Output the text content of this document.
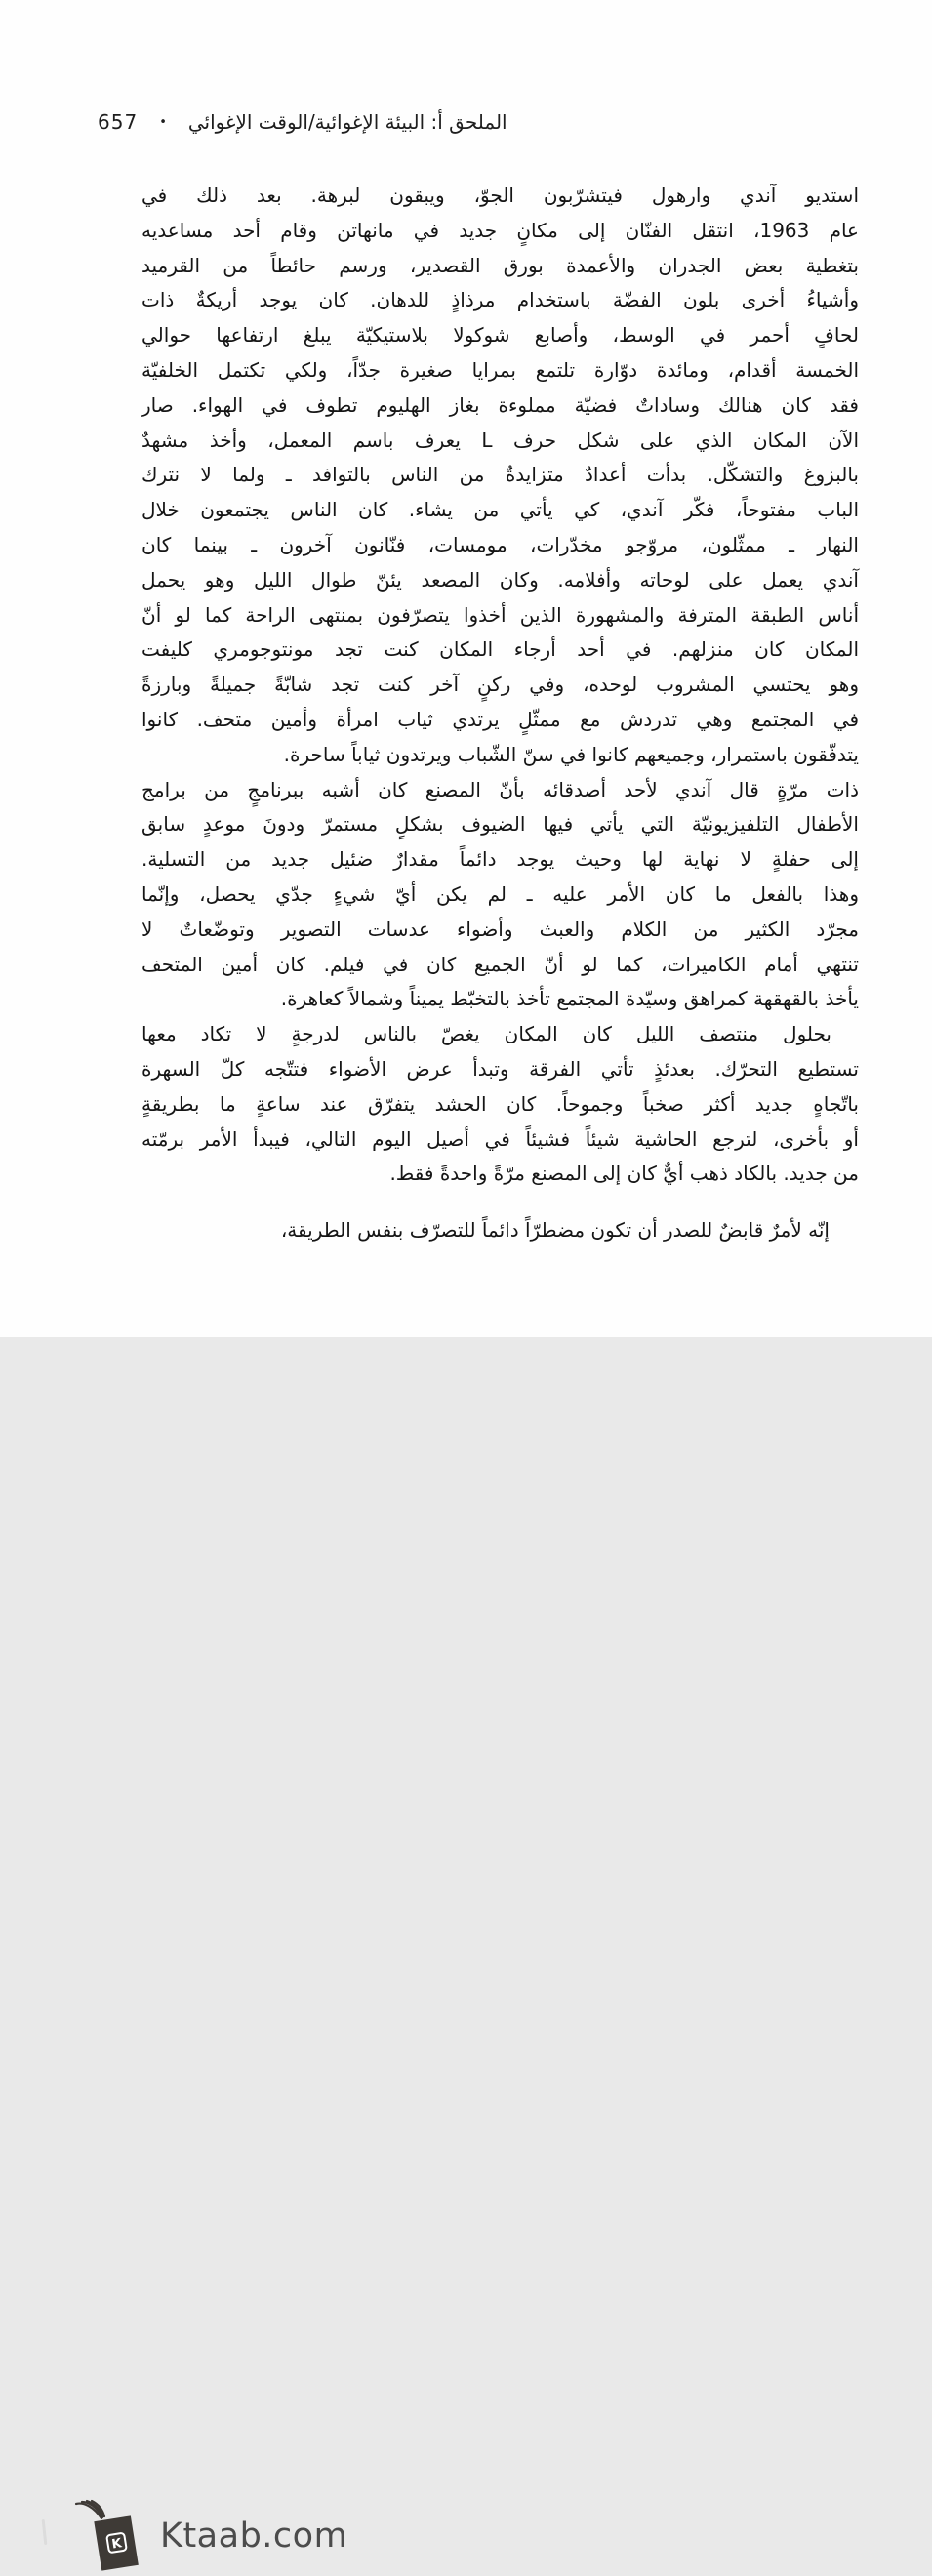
657 • الملحق أ: البيئة الإغوائية/الوقت الإغوائي
استديو آندي وارهول فيتشرّبون الجوّ، ويبقون لبرهة. بعد ذلك في
عام 1963، انتقل الفنّان إلى مكانٍ جديد في مانهاتن وقام أحد مساعديه
بتغطية بعض الجدران والأعمدة بورق القصدير، ورسم حائطاً من القرميد
وأشياءُ أخرى بلون الفضّة باستخدام مرذاذٍ للدهان. كان يوجد أريكةٌ ذات
لحافٍ أحمر في الوسط، وأصابع شوكولا بلاستيكيّة يبلغ ارتفاعها حوالي
الخمسة أقدام، ومائدة دوّارة تلتمع بمرايا صغيرة جدّاً، ولكي تكتمل الخلفيّة
فقد كان هنالك وساداتٌ فضيّة مملوءة بغاز الهليوم تطوف في الهواء. صار
الآن المكان الذي على شكل حرف L يعرف باسم المعمل، وأخذ مشهدٌ
بالبزوغ والتشكّل. بدأت أعدادٌ متزايدةٌ من الناس بالتوافد ـ ولما لا نترك
الباب مفتوحاً، فكّر آندي، كي يأتي من يشاء. كان الناس يجتمعون خلال
النهار ـ ممثّلون، مروّجو مخدّرات، مومسات، فنّانون آخرون ـ بينما كان
آندي يعمل على لوحاته وأفلامه. وكان المصعد يئنّ طوال الليل وهو يحمل
أناس الطبقة المترفة والمشهورة الذين أخذوا يتصرّفون بمنتهى الراحة كما لو أنّ
المكان كان منزلهم. في أحد أرجاء المكان كنت تجد مونتوجومري كليفت
وهو يحتسي المشروب لوحده، وفي ركنٍ آخر كنت تجد شابّةً جميلةً وبارزةً
في المجتمع وهي تدردش مع ممثّلٍ يرتدي ثياب امرأة وأمين متحف. كانوا
يتدفّقون باستمرار، وجميعهم كانوا في سنّ الشّباب ويرتدون ثياباً ساحرة.
ذات مرّةٍ قال آندي لأحد أصدقائه بأنّ المصنع كان أشبه ببرنامجٍ من برامج
الأطفال التلفيزيونيّة التي يأتي فيها الضيوف بشكلٍ مستمرّ ودونَ موعدٍ سابق
إلى حفلةٍ لا نهاية لها وحيث يوجد دائماً مقدارٌ ضئيل جديد من التسلية.
وهذا بالفعل ما كان الأمر عليه ـ لم يكن أيّ شيءٍ جدّي يحصل، وإنّما
مجرّد الكثير من الكلام والعبث وأضواء عدسات التصوير وتوضّعاتٌ لا
تنتهي أمام الكاميرات، كما لو أنّ الجميع كان في فيلم. كان أمين المتحف
يأخذ بالقهقهة كمراهق وسيّدة المجتمع تأخذ بالتخبّط يميناً وشمالاً كعاهرة.
بحلول منتصف الليل كان المكان يغصّ بالناس لدرجةٍ لا تكاد معها
تستطيع التحرّك. بعدئذٍ تأتي الفرقة وتبدأ عرض الأضواء فتتّجه كلّ السهرة
باتّجاهٍ جديد أكثر صخباً وجموحاً. كان الحشد يتفرّق عند ساعةٍ ما بطريقةٍ
أو بأخرى، لترجع الحاشية شيئاً فشيئاً في أصيل اليوم التالي، فيبدأ الأمر برمّته
من جديد. بالكاد ذهب أيٌّ كان إلى المصنع مرّةً واحدةً فقط.
إنّه لأمرٌ قابضٌ للصدر أن تكون مضطرّاً دائماً للتصرّف بنفس الطريقة،
K Ktaab.com
